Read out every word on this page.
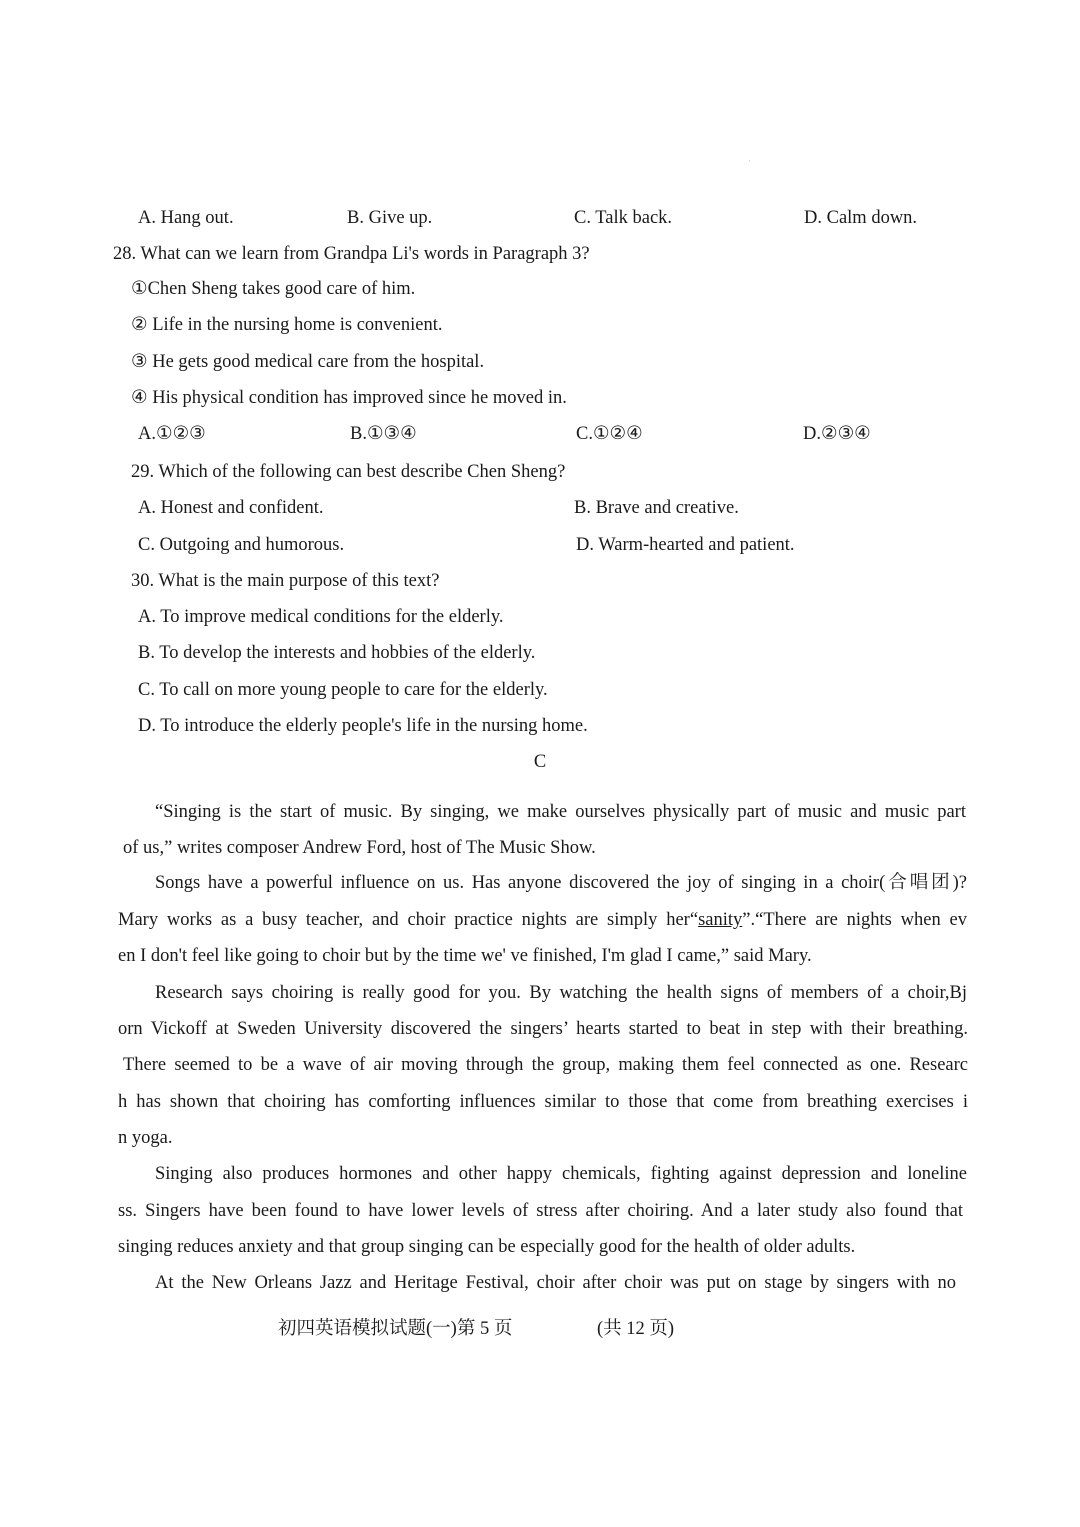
A. Hang out.	B. Give up.	C. Talk back.	D. Calm down.
28. What can we learn from Grandpa Li's words in Paragraph 3?
①Chen Sheng takes good care of him.
② Life in the nursing home is convenient.
③ He gets good medical care from the hospital.
④ His physical condition has improved since he moved in.
A.①②③	B.①③④	C.①②④	D.②③④
29. Which of the following can best describe Chen Sheng?
A. Honest and confident.	B. Brave and creative.
C. Outgoing and humorous.	D. Warm-hearted and patient.
30. What is the main purpose of this text?
A. To improve medical conditions for the elderly.
B. To develop the interests and hobbies of the elderly.
C. To call on more young people to care for the elderly.
D. To introduce the elderly people's life in the nursing home.
C
“Singing is the start of music. By singing, we make ourselves physically part of music and music part
of us,” writes composer Andrew Ford, host of The Music Show.
Songs have a powerful influence on us. Has anyone discovered the joy of singing in a choir(合唱团)?
Mary works as a busy teacher, and choir practice nights are simply her“sanity”.“There are nights when ev
en I don't feel like going to choir but by the time we' ve finished, I'm glad I came,” said Mary.
Research says choiring is really good for you. By watching the health signs of members of a choir,Bj
orn Vickoff at Sweden University discovered the singers’ hearts started to beat in step with their breathing.
There seemed to be a wave of air moving through the group, making them feel connected as one. Researc
h has shown that choiring has comforting influences similar to those that come from breathing exercises i
n yoga.
Singing also produces hormones and other happy chemicals, fighting against depression and loneline
ss. Singers have been found to have lower levels of stress after choiring. And a later study also found that
singing reduces anxiety and that group singing can be especially good for the health of older adults.
At the New Orleans Jazz and Heritage Festival, choir after choir was put on stage by singers with no
初四英语模拟试题(一)第 5 页	(共 12 页)
